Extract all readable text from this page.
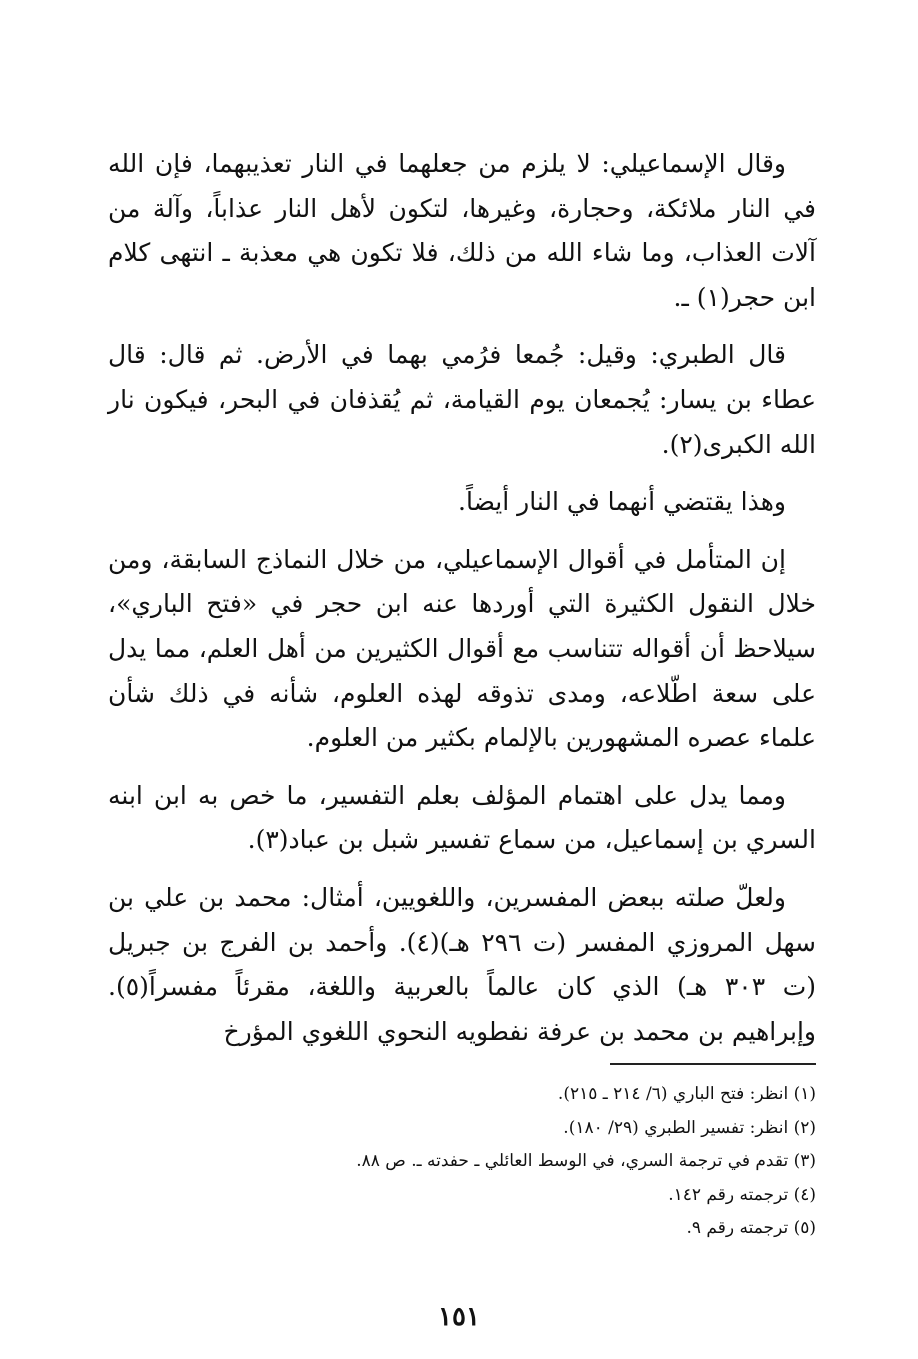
وقال الإسماعيلي: لا يلزم من جعلهما في النار تعذيبهما، فإن الله في النار ملائكة، وحجارة، وغيرها، لتكون لأهل النار عذاباً، وآلة من آلات العذاب، وما شاء الله من ذلك، فلا تكون هي معذبة ـ انتهى كلام ابن حجر(١) ـ.

قال الطبري: وقيل: جُمعا فرُمي بهما في الأرض. ثم قال: قال عطاء بن يسار: يُجمعان يوم القيامة، ثم يُقذفان في البحر، فيكون نار الله الكبرى(٢).

وهذا يقتضي أنهما في النار أيضاً.

إن المتأمل في أقوال الإسماعيلي، من خلال النماذج السابقة، ومن خلال النقول الكثيرة التي أوردها عنه ابن حجر في «فتح الباري»، سيلاحظ أن أقواله تتناسب مع أقوال الكثيرين من أهل العلم، مما يدل على سعة اطّلاعه، ومدى تذوقه لهذه العلوم، شأنه في ذلك شأن علماء عصره المشهورين بالإلمام بكثير من العلوم.

ومما يدل على اهتمام المؤلف بعلم التفسير، ما خص به ابن ابنه السري بن إسماعيل، من سماع تفسير شبل بن عباد(٣).

ولعلّ صلته ببعض المفسرين، واللغويين، أمثال: محمد بن علي بن سهل المروزي المفسر (ت ٢٩٦ هـ)(٤). وأحمد بن الفرج بن جبريل (ت ٣٠٣ هـ) الذي كان عالماً بالعربية واللغة، مقرئاً مفسراً(٥). وإبراهيم بن محمد بن عرفة نفطويه النحوي اللغوي المؤرخ

(١) انظر: فتح الباري (٦/ ٢١٤ ـ ٢١٥).

(٢) انظر: تفسير الطبري (٢٩/ ١٨٠).

(٣) تقدم في ترجمة السري، في الوسط العائلي ـ حفدته ـ. ص ٨٨.

(٤) ترجمته رقم ١٤٢.

(٥) ترجمته رقم ٩.

١٥١
